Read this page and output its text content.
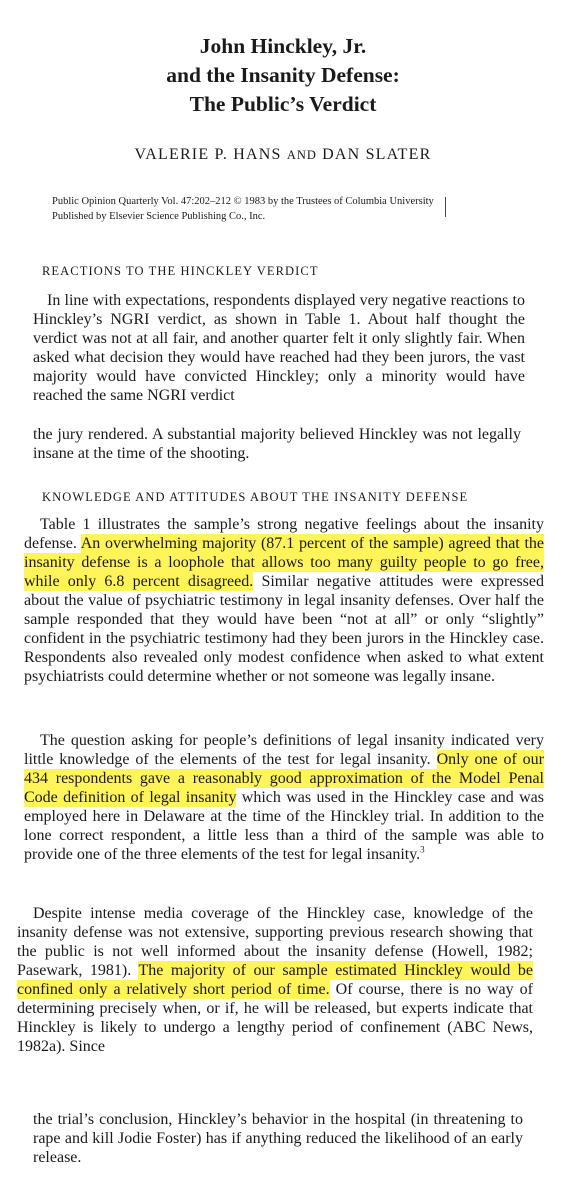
John Hinckley, Jr.
and the Insanity Defense:
The Public’s Verdict
VALERIE P. HANS AND DAN SLATER
Public Opinion Quarterly Vol. 47:202–212 © 1983 by the Trustees of Columbia University
Published by Elsevier Science Publishing Co., Inc.
REACTIONS TO THE HINCKLEY VERDICT

In line with expectations, respondents displayed very negative reactions to Hinckley’s NGRI verdict, as shown in Table 1. About half thought the verdict was not at all fair, and another quarter felt it only slightly fair. When asked what decision they would have reached had they been jurors, the vast majority would have convicted Hinckley; only a minority would have reached the same NGRI verdict

the jury rendered. A substantial majority believed Hinckley was not legally insane at the time of the shooting.

KNOWLEDGE AND ATTITUDES ABOUT THE INSANITY DEFENSE

Table 1 illustrates the sample’s strong negative feelings about the insanity defense. An overwhelming majority (87.1 percent of the sample) agreed that the insanity defense is a loophole that allows too many guilty people to go free, while only 6.8 percent disagreed. Similar negative attitudes were expressed about the value of psychiatric testimony in legal insanity defenses. Over half the sample responded that they would have been “not at all” or only “slightly” confident in the psychiatric testimony had they been jurors in the Hinckley case. Respondents also revealed only modest confidence when asked to what extent psychiatrists could determine whether or not someone was legally insane.

The question asking for people’s definitions of legal insanity indicated very little knowledge of the elements of the test for legal insanity. Only one of our 434 respondents gave a reasonably good approximation of the Model Penal Code definition of legal insanity which was used in the Hinckley case and was employed here in Delaware at the time of the Hinckley trial. In addition to the lone correct respondent, a little less than a third of the sample was able to provide one of the three elements of the test for legal insanity.$^3$

Despite intense media coverage of the Hinckley case, knowledge of the insanity defense was not extensive, supporting previous research showing that the public is not well informed about the insanity defense (Howell, 1982; Pasewark, 1981). The majority of our sample estimated Hinckley would be confined only a relatively short period of time. Of course, there is no way of determining precisely when, or if, he will be released, but experts indicate that Hinckley is likely to undergo a lengthy period of confinement (ABC News, 1982a). Since

the trial’s conclusion, Hinckley’s behavior in the hospital (in threatening to rape and kill Jodie Foster) has if anything reduced the likelihood of an early release.
